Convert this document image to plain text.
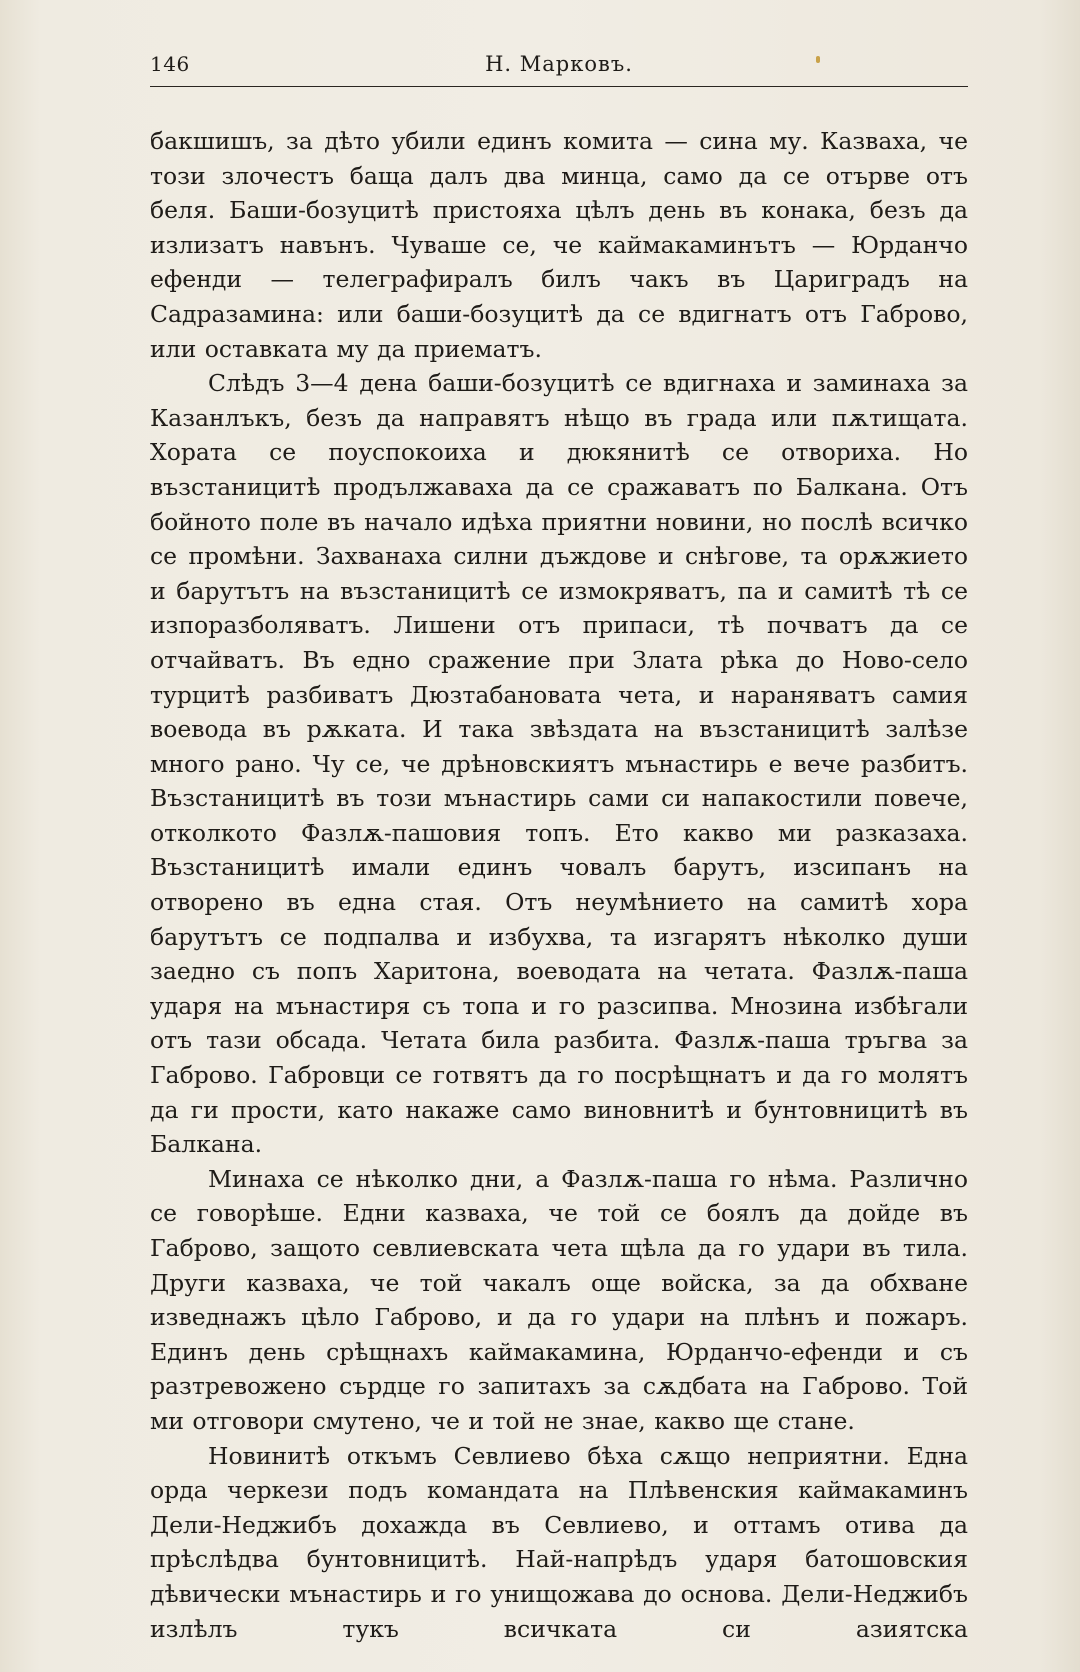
146	Н. Марковъ.

бакшишъ, за дѣто убили единъ комита — сина му. Казваха, че този злочестъ баща далъ два минца, само да се отърве отъ беля. Баши-бозуцитѣ пристояха цѣлъ день въ конака, безъ да излизатъ навънъ. Чуваше се, че каймакаминътъ — Юрданчо ефенди — телеграфиралъ билъ чакъ въ Цариградъ на Садразамина: или баши-бозуцитѣ да се вдигнатъ отъ Габрово, или оставката му да приематъ.

Слѣдъ 3—4 дена баши-бозуцитѣ се вдигнаха и заминаха за Казанлъкъ, безъ да направятъ нѣщо въ града или пѫтищата. Хората се поуспокоиха и дюкянитѣ се отвориха. Но възстаницитѣ продължаваха да се сражаватъ по Балкана. Отъ бойното поле въ начало идѣха приятни новини, но послѣ всичко се промѣни. Захванаха силни дъждове и снѣгове, та орѫжието и барутътъ на възстаницитѣ се измокряватъ, па и самитѣ тѣ се изпоразболяватъ. Лишени отъ припаси, тѣ почватъ да се отчайватъ. Въ едно сражение при Злата рѣка до Ново-село турцитѣ разбиватъ Дюзтабановата чета, и нараняватъ самия воевода въ рѫката. И така звѣздата на възстаницитѣ залѣзе много рано. Чу се, че дрѣновскиятъ мънастирь е вече разбитъ. Възстаницитѣ въ този мънастирь сами си напакостили повече, отколкото Фазлѫ-пашовия топъ. Ето какво ми разказаха. Възстаницитѣ имали единъ човалъ барутъ, изсипанъ на отворено въ една стая. Отъ неумѣнието на самитѣ хора барутътъ се подпалва и избухва, та изгарятъ нѣколко души заедно съ попъ Харитона, воеводата на четата. Фазлѫ-паша ударя на мънастиря съ топа и го разсипва. Мнозина избѣгали отъ тази обсада. Четата била разбита. Фазлѫ-паша тръгва за Габрово. Габровци се готвятъ да го посрѣщнатъ и да го молятъ да ги прости, като накаже само виновнитѣ и бунтовницитѣ въ Балкана.

Минаха се нѣколко дни, а Фазлѫ-паша го нѣма. Различно се говорѣше. Едни казваха, че той се боялъ да дойде въ Габрово, защото севлиевската чета щѣла да го удари въ тила. Други казваха, че той чакалъ още войска, за да обхване изведнажъ цѣло Габрово, и да го удари на плѣнъ и пожаръ. Единъ день срѣщнахъ каймакамина, Юрданчо-ефенди и съ разтревожено сърдце го запитахъ за сѫдбата на Габрово. Той ми отговори смутено, че и той не знае, какво ще стане.

Новинитѣ откъмъ Севлиево бѣха сѫщо неприятни. Една орда черкези подъ командата на Плѣвенския каймакаминъ Дели-Неджибъ дохажда въ Севлиево, и оттамъ отива да прѣслѣдва бунтовницитѣ. Най-напрѣдъ ударя батошовския дѣвически мънастирь и го унищожава до основа. Дели-Неджибъ излѣлъ тукъ всичката си азиятска
